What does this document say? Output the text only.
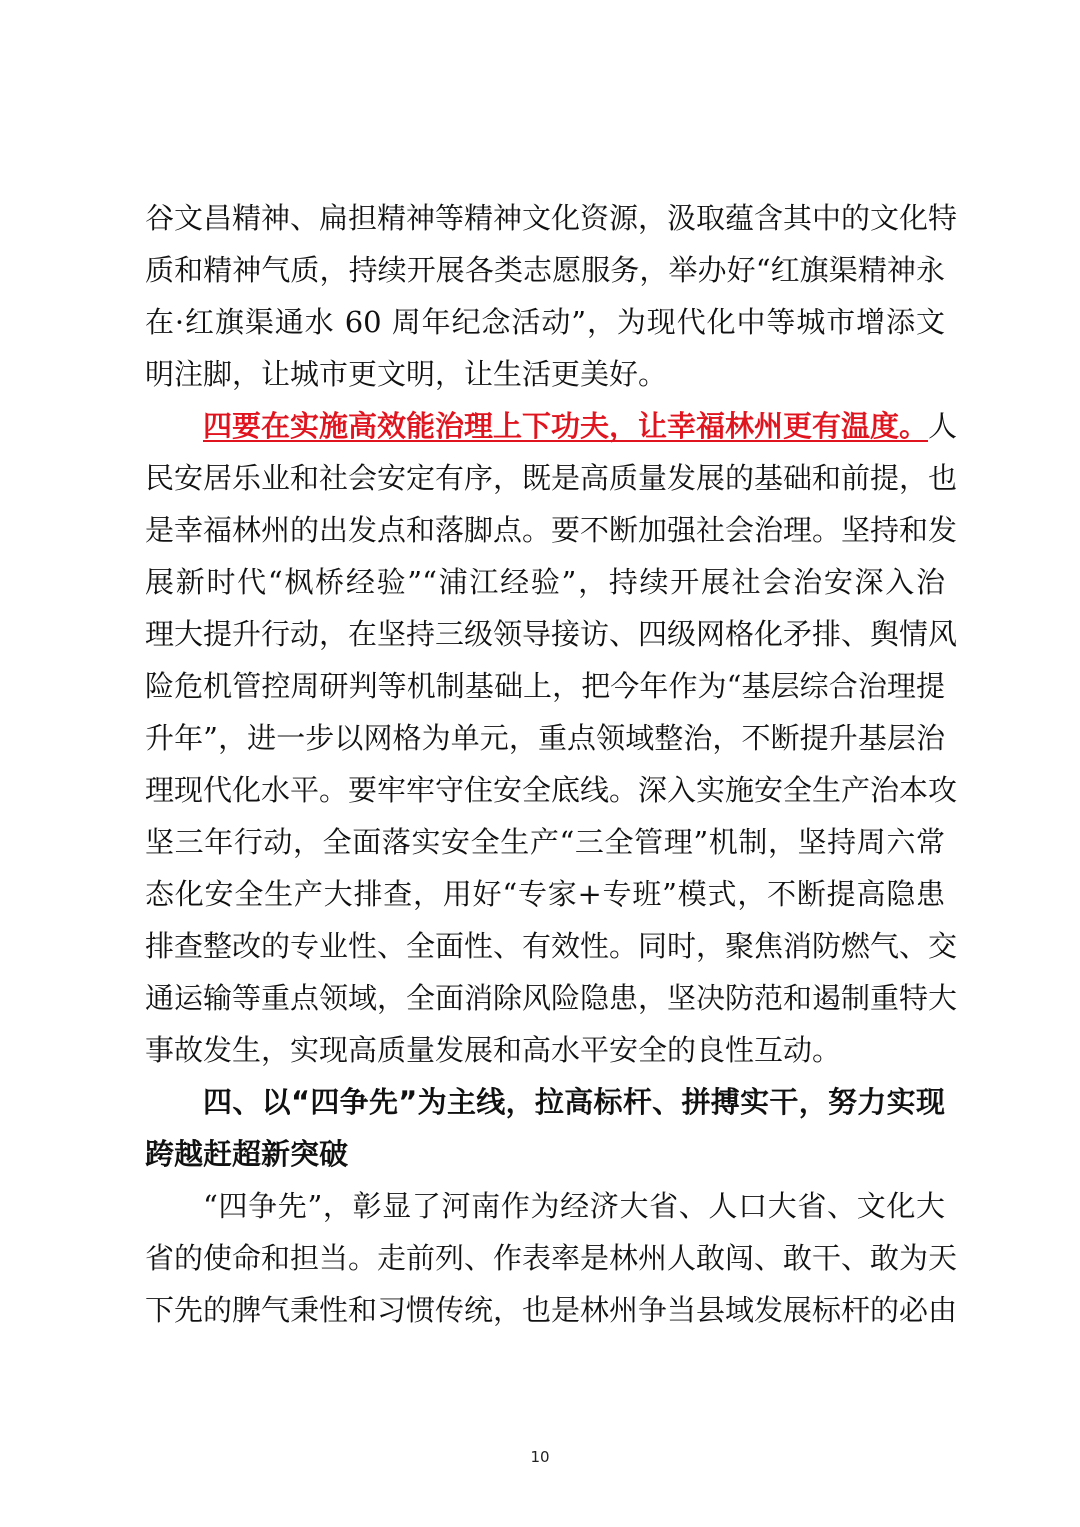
谷文昌精神、扁担精神等精神文化资源，汲取蕴含其中的文化特
质和精神气质，持续开展各类志愿服务，举办好“红旗渠精神永
在·红旗渠通水 60 周年纪念活动”，为现代化中等城市增添文
明注脚，让城市更文明，让生活更美好。
四要在实施高效能治理上下功夫，让幸福林州更有温度。人
民安居乐业和社会安定有序，既是高质量发展的基础和前提，也
是幸福林州的出发点和落脚点。要不断加强社会治理。坚持和发
展新时代“枫桥经验”“浦江经验”，持续开展社会治安深入治
理大提升行动，在坚持三级领导接访、四级网格化矛排、舆情风
险危机管控周研判等机制基础上，把今年作为“基层综合治理提
升年”，进一步以网格为单元，重点领域整治，不断提升基层治
理现代化水平。要牢牢守住安全底线。深入实施安全生产治本攻
坚三年行动，全面落实安全生产“三全管理”机制，坚持周六常
态化安全生产大排查，用好“专家+专班”模式，不断提高隐患
排查整改的专业性、全面性、有效性。同时，聚焦消防燃气、交
通运输等重点领域，全面消除风险隐患，坚决防范和遏制重特大
事故发生，实现高质量发展和高水平安全的良性互动。
四、以“四争先”为主线，拉高标杆、拼搏实干，努力实现
跨越赶超新突破
“四争先”，彰显了河南作为经济大省、人口大省、文化大
省的使命和担当。走前列、作表率是林州人敢闯、敢干、敢为天
下先的脾气秉性和习惯传统，也是林州争当县域发展标杆的必由
10
